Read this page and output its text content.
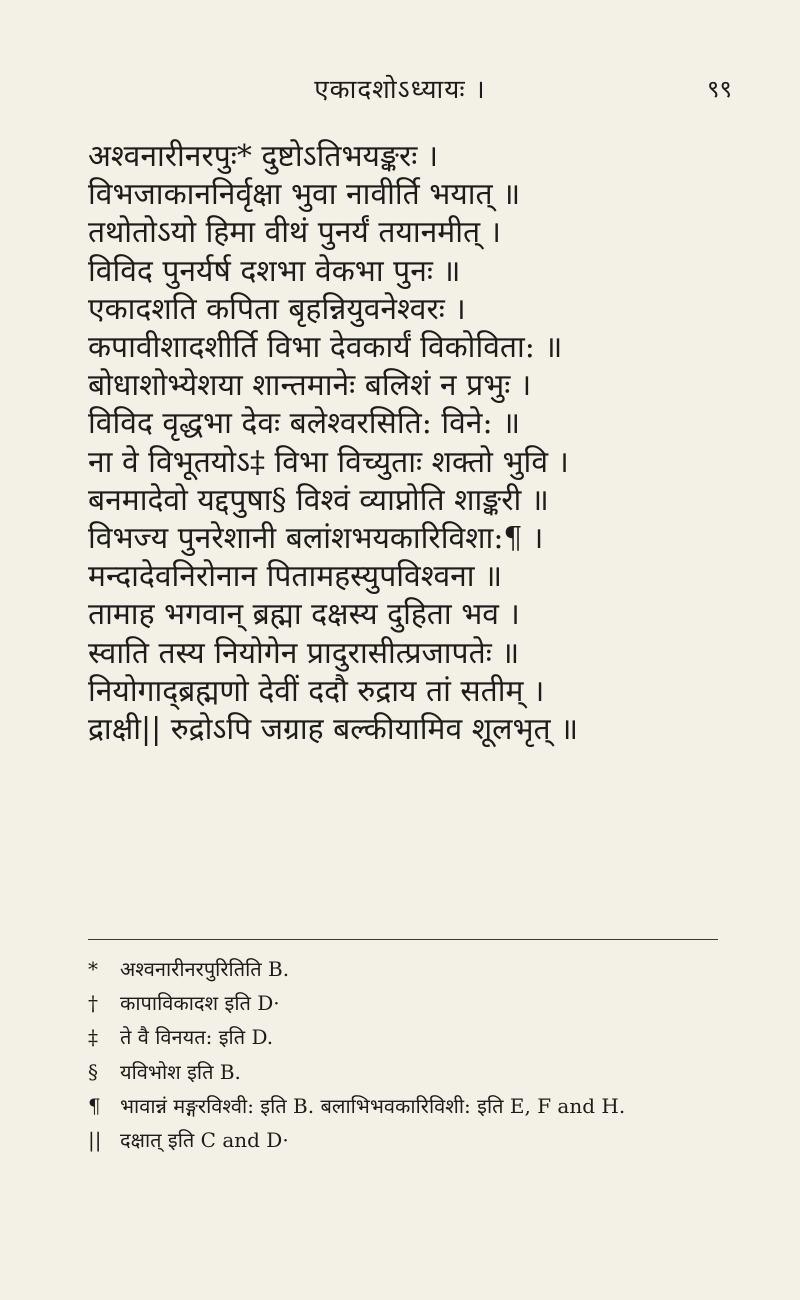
एकादशोऽध्यायः ।	९९

अश्वनारीनरपुः* दुष्टोऽतिभयङ्करः ।

विभजाकाननिर्वृक्षा भुवा नावीर्ति भयात् ॥

तथोतोऽयो हिमा वीथं पुनर्यं तयानमीत् ।

विविद पुनर्यर्ष दशभा वेकभा पुनः ॥

एकादशति कपिता बृहन्नियुवनेश्वरः ।

कपावीशादशीर्ति विभा देवकार्यं विकोविता: ॥

बोधाशोभ्येशया शान्तमानेः बलिशं न प्रभुः ।

विविद वृद्धभा देवः बलेश्वरसिति: विने: ॥

ना वे विभूतयोऽ‡ विभा विच्युताः शक्तो भुवि ।

बनमादेवो यद्दपुषा§ विश्वं व्याप्नोति शाङ्करी ॥

विभज्य पुनरेशानी बलांशभयकारिविशा:¶ ।

मन्दादेवनिरोनान पितामहस्युपविश्वना ॥

तामाह भगवान् ब्रह्मा दक्षस्य दुहिता भव ।

स्वाति तस्य नियोगेन प्रादुरासीत्प्रजापतेः ॥

नियोगाद्ब्रह्मणो देवीं ददौ रुद्राय तां सतीम् ।

द्राक्षी|| रुद्रोऽपि जग्राह बल्कीयामिव शूलभृत् ॥

*	अश्वनारीनरपुरितिति B.
†	कापाविकादश इति D·
‡	ते वै विनयत: इति D.
§	यविभोश इति B.
¶ भावान्नं मङ्गरविश्वी: इति B. बलाभिभवकारिविशी: इति E, F and H.
|| दक्षात् इति C and D·
